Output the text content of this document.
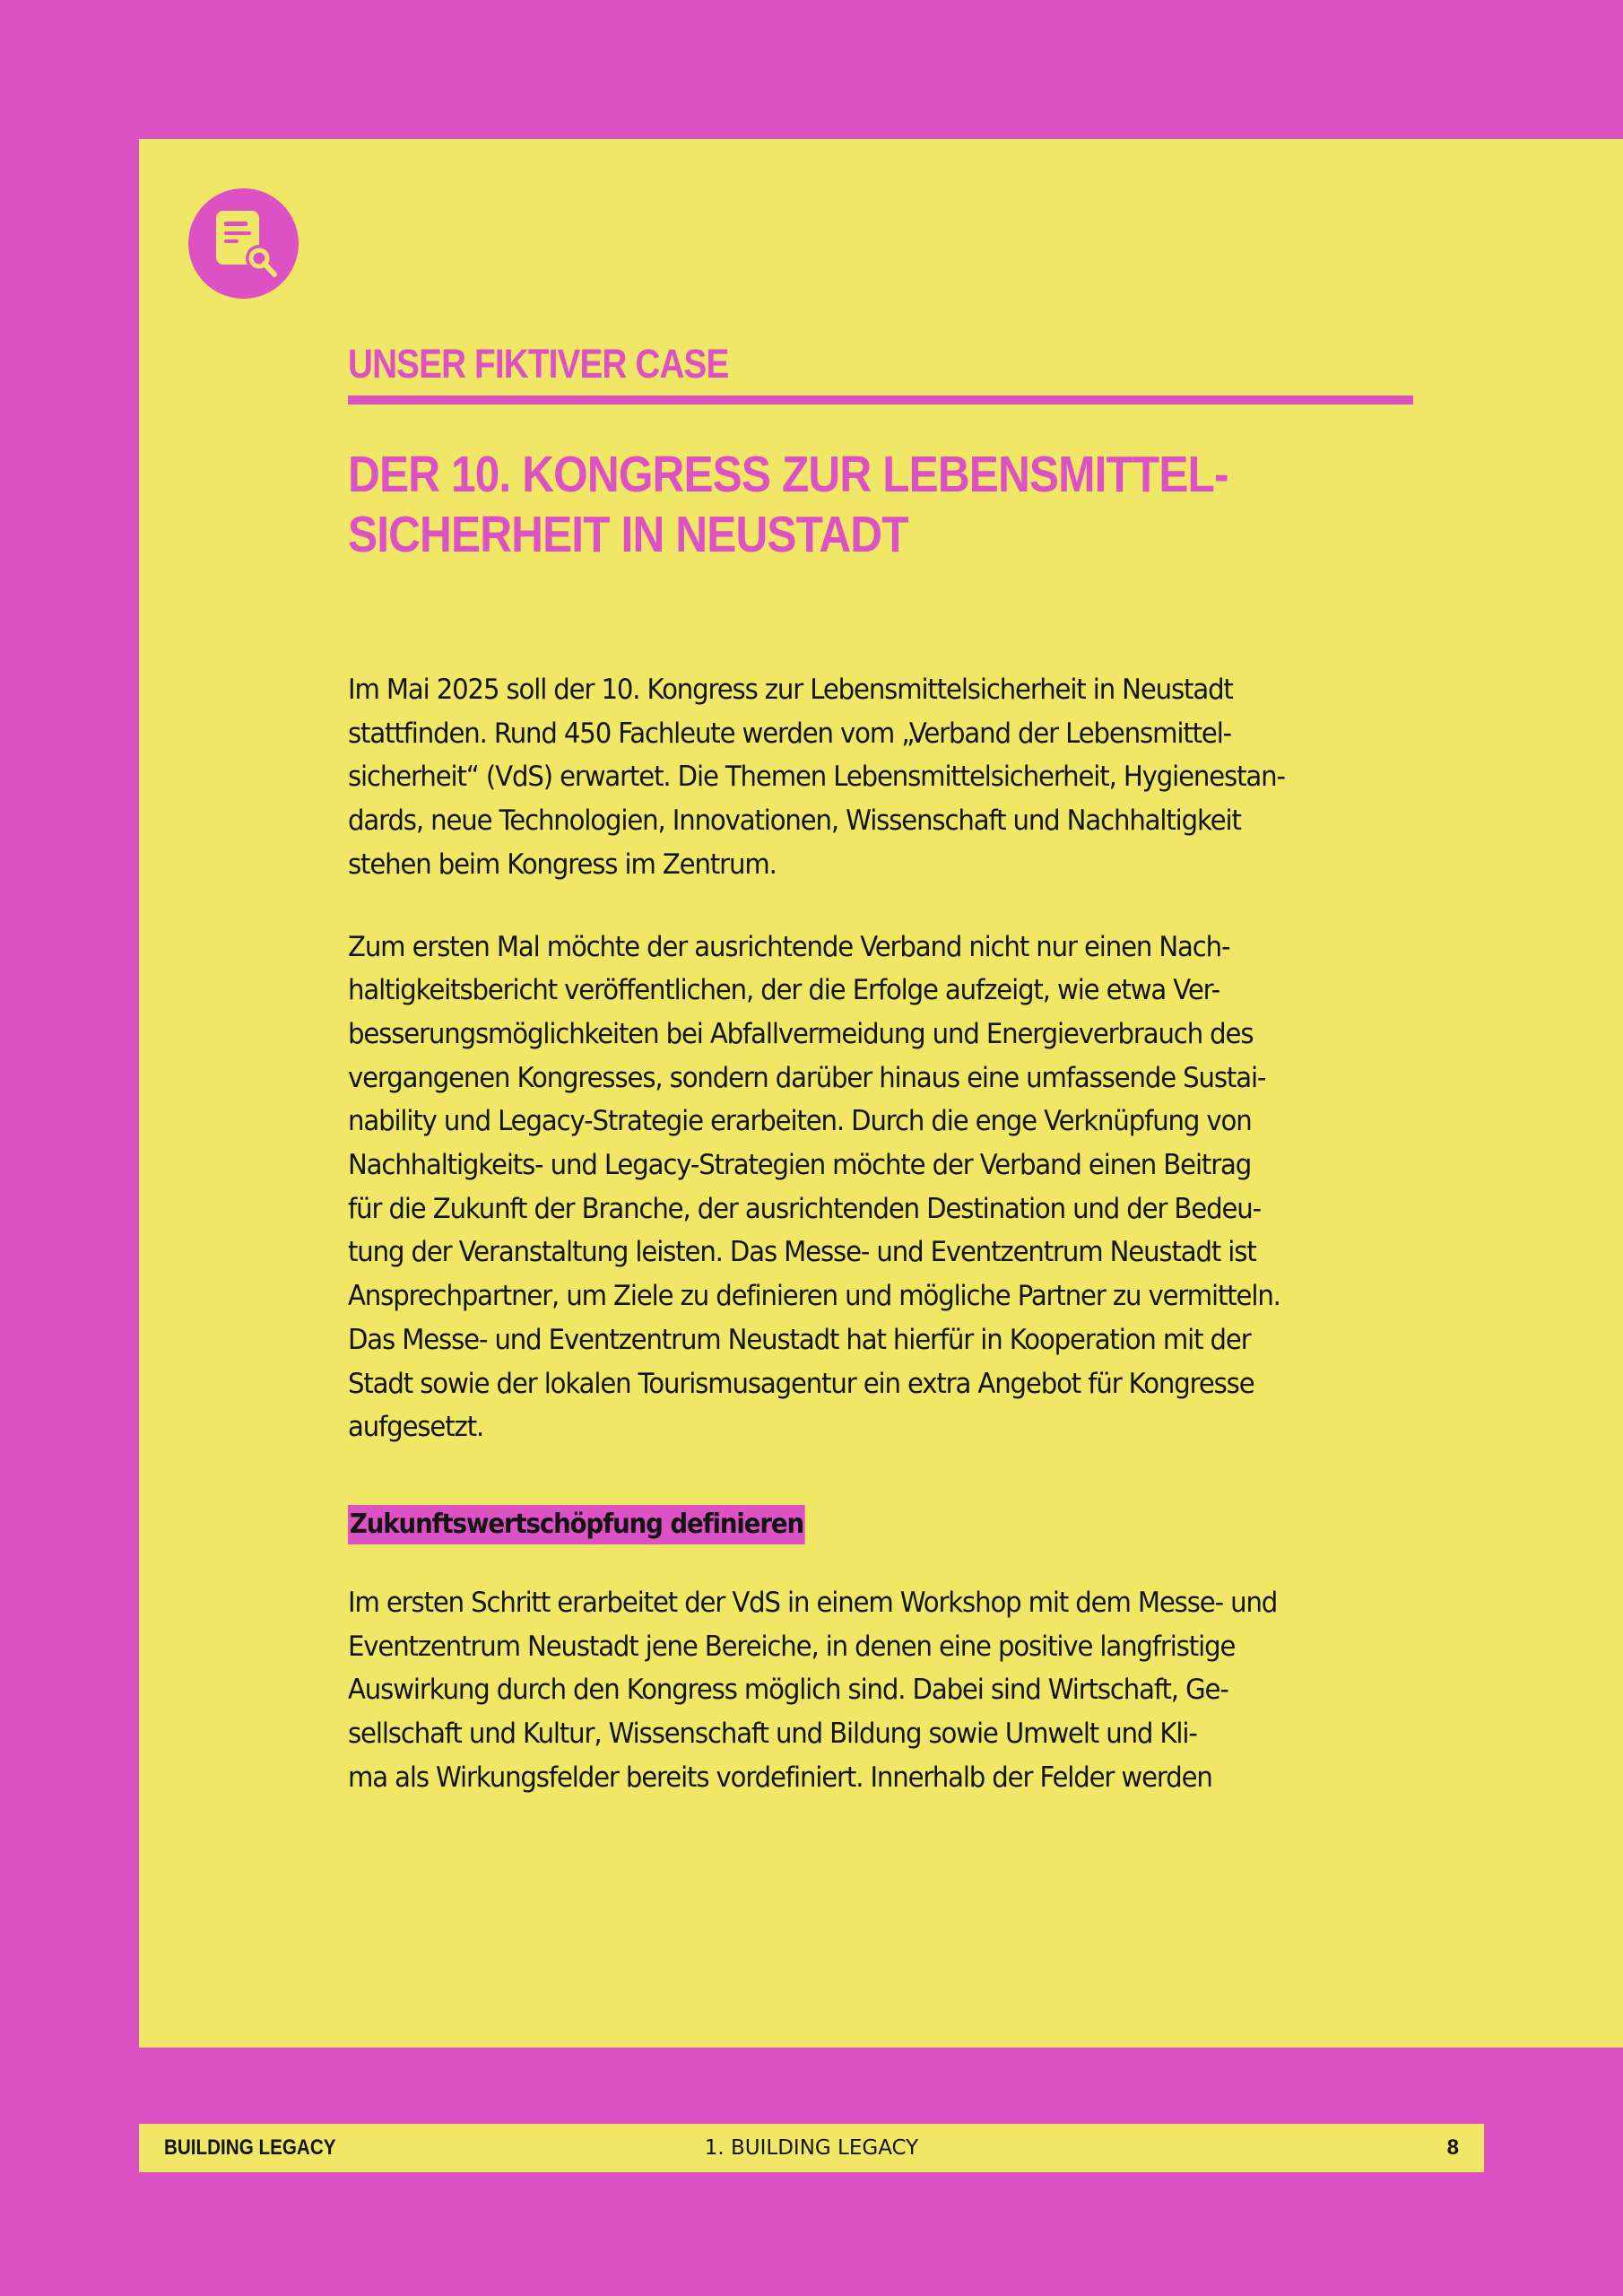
UNSER FIKTIVER CASE
DER 10. KONGRESS ZUR LEBENSMITTEL-
SICHERHEIT IN NEUSTADT

Im Mai 2025 soll der 10. Kongress zur Lebensmittelsicherheit in Neustadt
stattfinden. Rund 450 Fachleute werden vom „Verband der Lebensmittel-
sicherheit“ (VdS) erwartet. Die Themen Lebensmittelsicherheit, Hygienestan-
dards, neue Technologien, Innovationen, Wissenschaft und Nachhaltigkeit
stehen beim Kongress im Zentrum.

Zum ersten Mal möchte der ausrichtende Verband nicht nur einen Nach-
haltigkeitsbericht veröffentlichen, der die Erfolge aufzeigt, wie etwa Ver-
besserungsmöglichkeiten bei Abfallvermeidung und Energieverbrauch des
vergangenen Kongresses, sondern darüber hinaus eine umfassende Sustai-
nability und Legacy-Strategie erarbeiten. Durch die enge Verknüpfung von
Nachhaltigkeits- und Legacy-Strategien möchte der Verband einen Beitrag
für die Zukunft der Branche, der ausrichtenden Destination und der Bedeu-
tung der Veranstaltung leisten. Das Messe- und Eventzentrum Neustadt ist
Ansprechpartner, um Ziele zu definieren und mögliche Partner zu vermitteln.
Das Messe- und Eventzentrum Neustadt hat hierfür in Kooperation mit der
Stadt sowie der lokalen Tourismusagentur ein extra Angebot für Kongresse
aufgesetzt.

Zukunftswertschöpfung definieren

Im ersten Schritt erarbeitet der VdS in einem Workshop mit dem Messe- und
Eventzentrum Neustadt jene Bereiche, in denen eine positive langfristige
Auswirkung durch den Kongress möglich sind. Dabei sind Wirtschaft, Ge-
sellschaft und Kultur, Wissenschaft und Bildung sowie Umwelt und Kli-
ma als Wirkungsfelder bereits vordefiniert. Innerhalb der Felder werden

1. BUILDING LEGACY
BUILDING LEGACY	8
